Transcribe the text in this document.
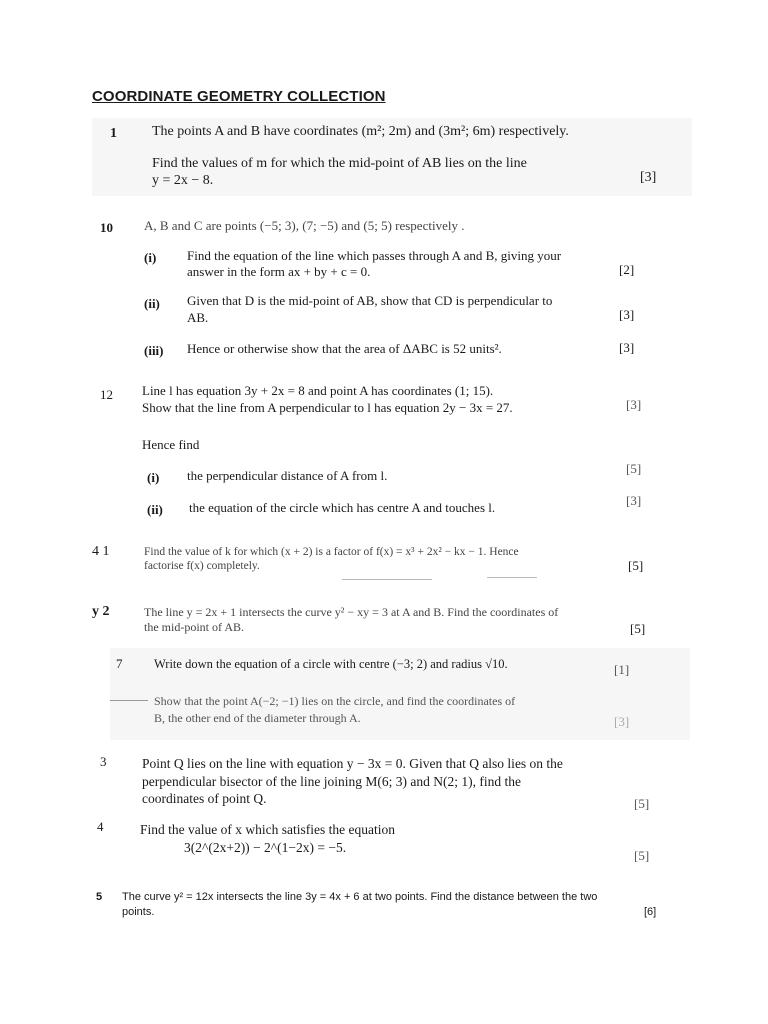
COORDINATE GEOMETRY COLLECTION
1	The points A and B have coordinates (m²; 2m) and (3m²; 6m) respectively.
Find the values of m for which the mid-point of AB lies on the line
y = 2x − 8.	[3]
10 A, B and C are points (−5; 3), (7; −5) and (5; 5) respectively .
(i) Find the equation of the line which passes through A and B, giving your
answer in the form ax + by + c = 0.	[2]
(ii) Given that D is the mid-point of AB, show that CD is perpendicular to
AB.	[3]
(iii) Hence or otherwise show that the area of ΔABC is 52 units².	[3]
12 Line l has equation 3y + 2x = 8 and point A has coordinates (1; 15).
Show that the line from A perpendicular to l has equation 2y − 3x = 27.	[3]
Hence find
(i) the perpendicular distance of A from l.	[5]
(ii) the equation of the circle which has centre A and touches l.	[3]
4 1	Find the value of k for which (x + 2) is a factor of f(x) = x³ + 2x² − kx − 1. Hence
factorise f(x) completely.	[5]
y 2	The line y = 2x + 1 intersects the curve y² − xy = 3 at A and B. Find the coordinates of
the mid-point of AB.	[5]
7	Write down the equation of a circle with centre (−3; 2) and radius √10.	[1]
Show that the point A(−2; −1) lies on the circle, and find the coordinates of
B, the other end of the diameter through A.	[3]
3	Point Q lies on the line with equation y − 3x = 0. Given that Q also lies on the
perpendicular bisector of the line joining M(6; 3) and N(2; 1), find the
coordinates of point Q.	[5]
4	Find the value of x which satisfies the equation
3(2^(2x+2)) − 2^(1−2x) = −5.
[5]
5 The curve y² = 12x intersects the line 3y = 4x + 6 at two points. Find the distance between the two
points.	[6]
